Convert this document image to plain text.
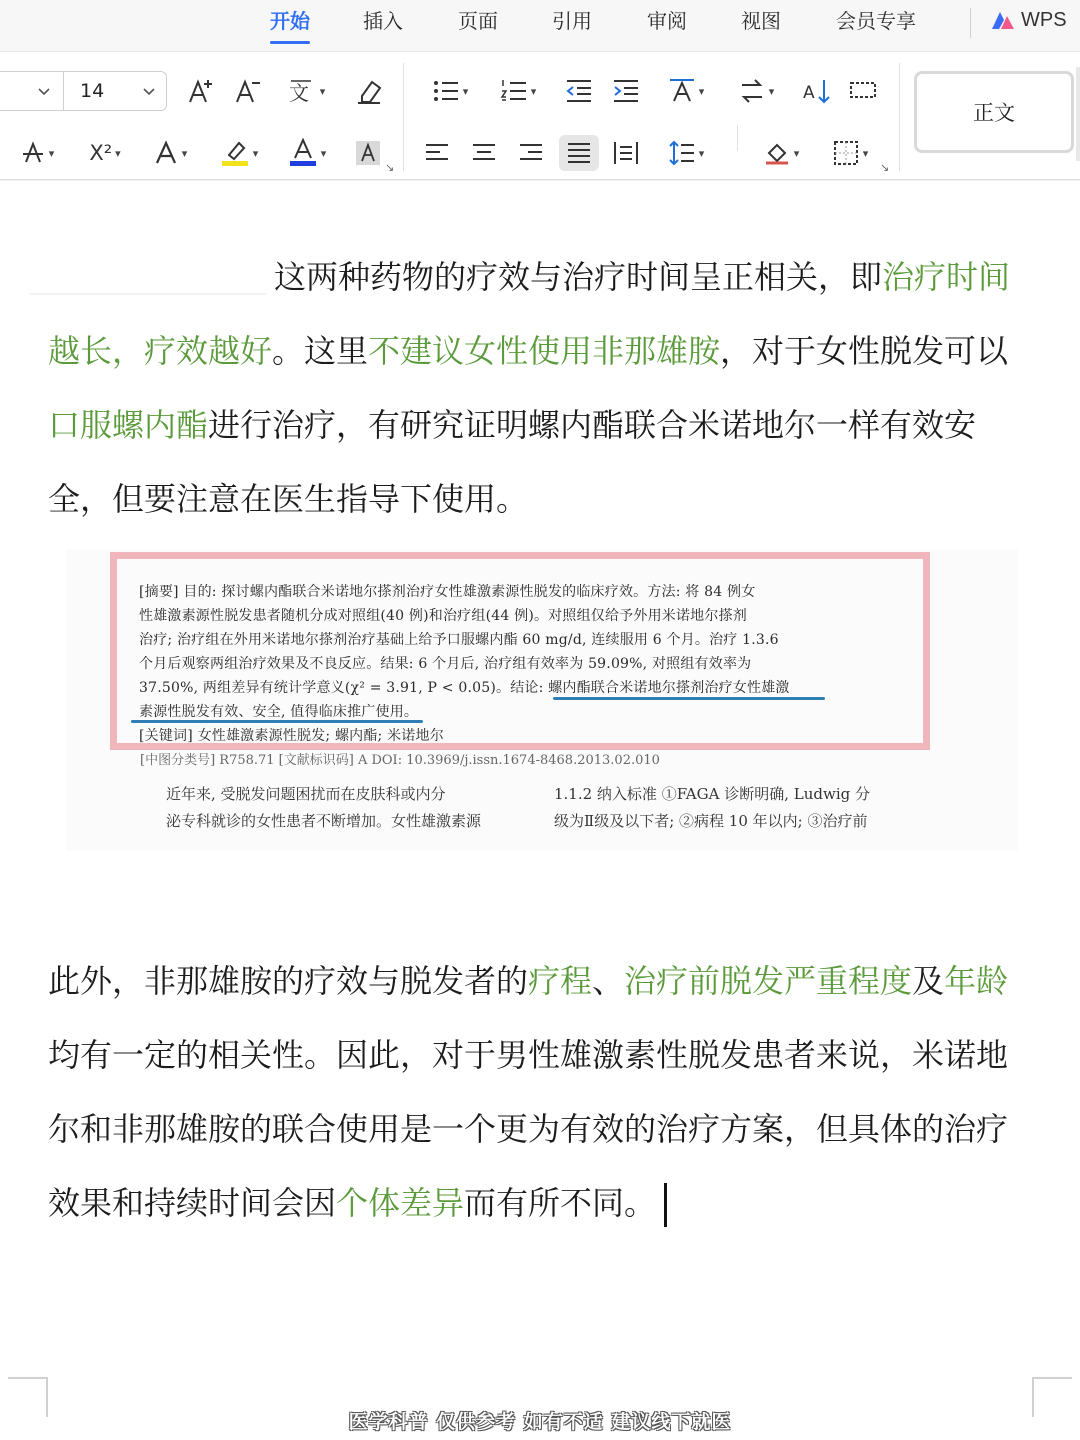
开始	插入	页面	引用	审阅	视图	会员专享	WPS
14	文 ▾
▾ X² ▾	▾	▾	▾
↘
▾	▾	▾	▾ A
▾	▾	▾
↘
正文

这两种药物的疗效与治疗时间呈正相关，即治疗时间越长，疗效越好。这里不建议女性使用非那雄胺，对于女性脱发可以口服螺内酯进行治疗，有研究证明螺内酯联合米诺地尔一样有效安全，但要注意在医生指导下使用。

[摘要] 目的: 探讨螺内酯联合米诺地尔搽剂治疗女性雄激素源性脱发的临床疗效。方法: 将 84 例女
性雄激素源性脱发患者随机分成对照组(40 例)和治疗组(44 例)。对照组仅给予外用米诺地尔搽剂
治疗; 治疗组在外用米诺地尔搽剂治疗基础上给予口服螺内酯 60 mg/d, 连续服用 6 个月。治疗 1.3.6
个月后观察两组治疗效果及不良反应。结果: 6 个月后, 治疗组有效率为 59.09%, 对照组有效率为
37.50%, 两组差异有统计学意义(χ² = 3.91, P < 0.05)。结论: 螺内酯联合米诺地尔搽剂治疗女性雄激
素源性脱发有效、安全, 值得临床推广使用。
[关键词] 女性雄激素源性脱发; 螺内酯; 米诺地尔
[中图分类号] R758.71 [文献标识码] A DOI: 10.3969/j.issn.1674-8468.2013.02.010
近年来, 受脱发问题困扰而在皮肤科或内分
泌专科就诊的女性患者不断增加。女性雄激素源
1.1.2 纳入标准 ①FAGA 诊断明确, Ludwig 分
级为Ⅱ级及以下者; ②病程 10 年以内; ③治疗前

此外，非那雄胺的疗效与脱发者的疗程、治疗前脱发严重程度及年龄均有一定的相关性。因此，对于男性雄激素性脱发患者来说，米诺地尔和非那雄胺的联合使用是一个更为有效的治疗方案，但具体的治疗效果和持续时间会因个体差异而有所不同。

医学科普 仅供参考 如有不适 建议线下就医
